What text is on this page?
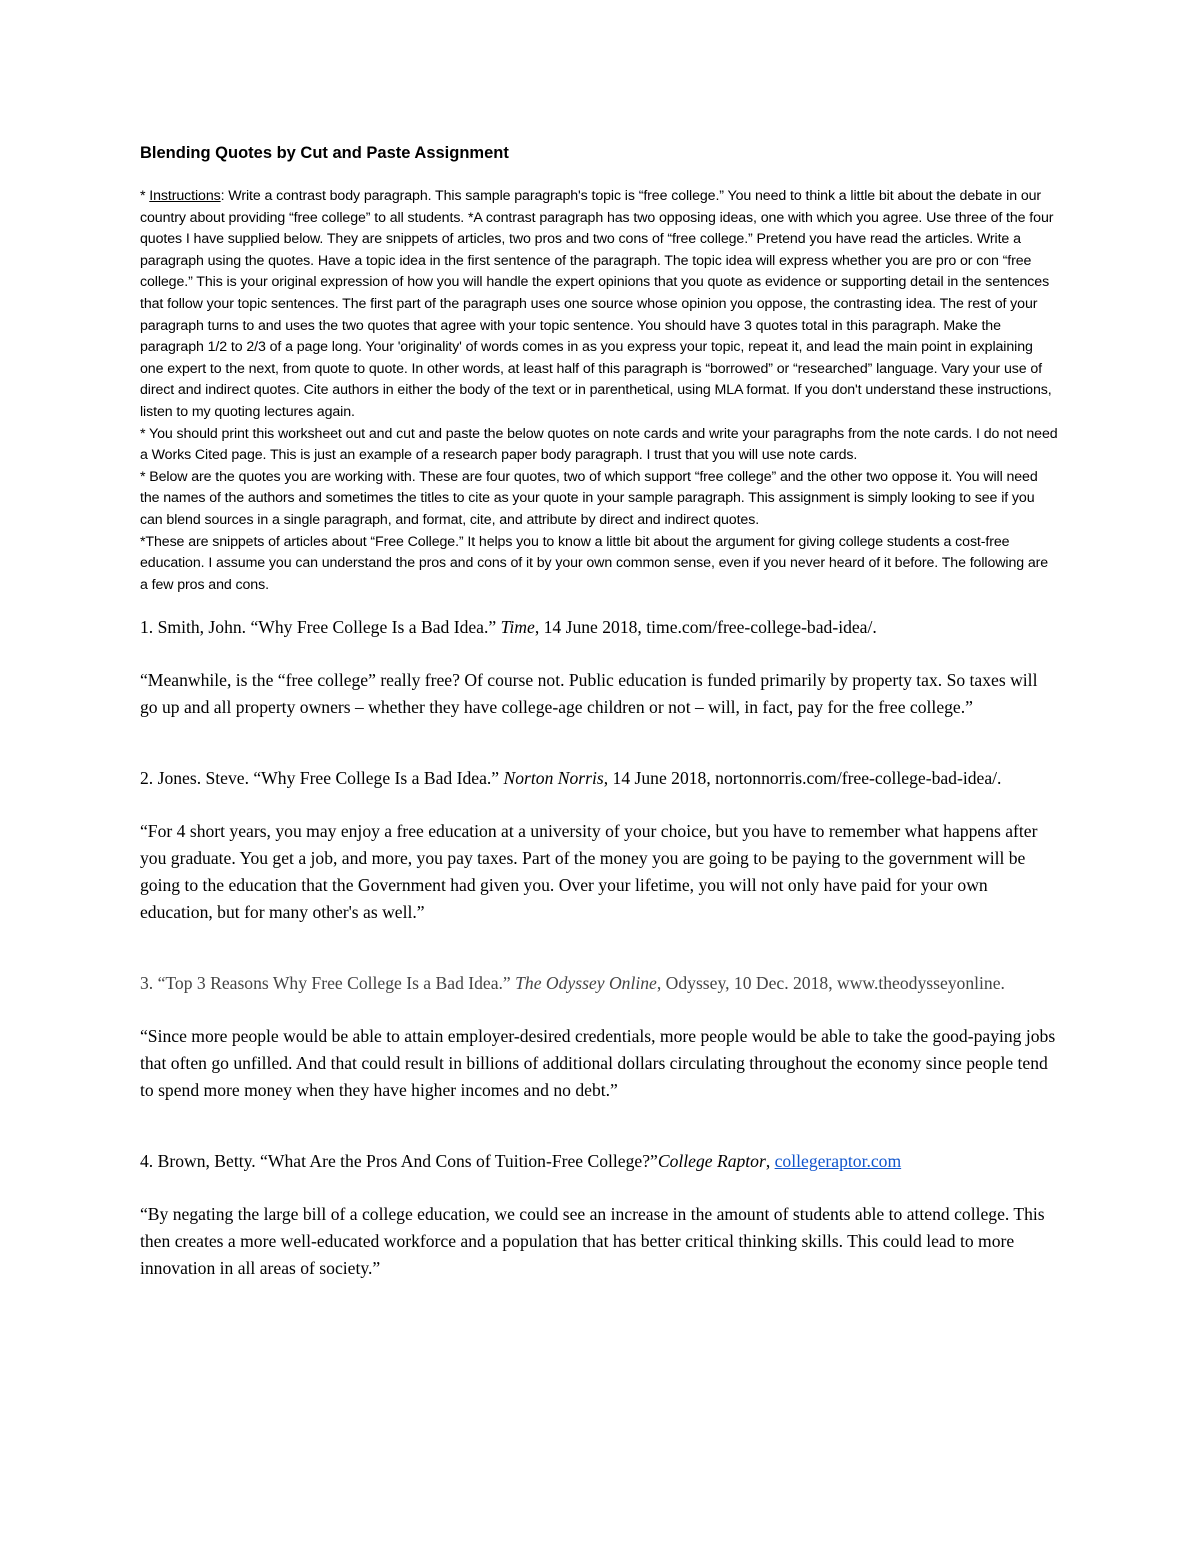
Blending Quotes by Cut and Paste Assignment

* Instructions: Write a contrast body paragraph. This sample paragraph's topic is “free college.” You need to think a little bit about the debate in our country about providing “free college” to all students. *A contrast paragraph has two opposing ideas, one with which you agree. Use three of the four quotes I have supplied below. They are snippets of articles, two pros and two cons of “free college.” Pretend you have read the articles. Write a paragraph using the quotes. Have a topic idea in the first sentence of the paragraph. The topic idea will express whether you are pro or con “free college.” This is your original expression of how you will handle the expert opinions that you quote as evidence or supporting detail in the sentences that follow your topic sentences. The first part of the paragraph uses one source whose opinion you oppose, the contrasting idea. The rest of your paragraph turns to and uses the two quotes that agree with your topic sentence. You should have 3 quotes total in this paragraph. Make the paragraph 1/2 to 2/3 of a page long. Your 'originality' of words comes in as you express your topic, repeat it, and lead the main point in explaining one expert to the next, from quote to quote. In other words, at least half of this paragraph is “borrowed” or “researched” language. Vary your use of direct and indirect quotes. Cite authors in either the body of the text or in parenthetical, using MLA format. If you don't understand these instructions, listen to my quoting lectures again.

* You should print this worksheet out and cut and paste the below quotes on note cards and write your paragraphs from the note cards. I do not need a Works Cited page. This is just an example of a research paper body paragraph. I trust that you will use note cards.

* Below are the quotes you are working with. These are four quotes, two of which support “free college” and the other two oppose it. You will need the names of the authors and sometimes the titles to cite as your quote in your sample paragraph. This assignment is simply looking to see if you can blend sources in a single paragraph, and format, cite, and attribute by direct and indirect quotes.

*These are snippets of articles about “Free College.” It helps you to know a little bit about the argument for giving college students a cost-free education. I assume you can understand the pros and cons of it by your own common sense, even if you never heard of it before. The following are a few pros and cons.

1. Smith, John. “Why Free College Is a Bad Idea.” Time, 14 June 2018, time.com/free-college-bad-idea/.

“Meanwhile, is the “free college” really free? Of course not. Public education is funded primarily by property tax. So taxes will go up and all property owners – whether they have college-age children or not – will, in fact, pay for the free college.”

2. Jones. Steve. “Why Free College Is a Bad Idea.” Norton Norris, 14 June 2018, nortonnorris.com/free-college-bad-idea/.

“For 4 short years, you may enjoy a free education at a university of your choice, but you have to remember what happens after you graduate. You get a job, and more, you pay taxes. Part of the money you are going to be paying to the government will be going to the education that the Government had given you. Over your lifetime, you will not only have paid for your own education, but for many other's as well.”

3. “Top 3 Reasons Why Free College Is a Bad Idea.” The Odyssey Online, Odyssey, 10 Dec. 2018, www.theodysseyonline.

“Since more people would be able to attain employer-desired credentials, more people would be able to take the good-paying jobs that often go unfilled. And that could result in billions of additional dollars circulating throughout the economy since people tend to spend more money when they have higher incomes and no debt.”

4. Brown, Betty. “What Are the Pros And Cons of Tuition-Free College?”College Raptor, collegeraptor.com

“By negating the large bill of a college education, we could see an increase in the amount of students able to attend college. This then creates a more well-educated workforce and a population that has better critical thinking skills. This could lead to more innovation in all areas of society.”
